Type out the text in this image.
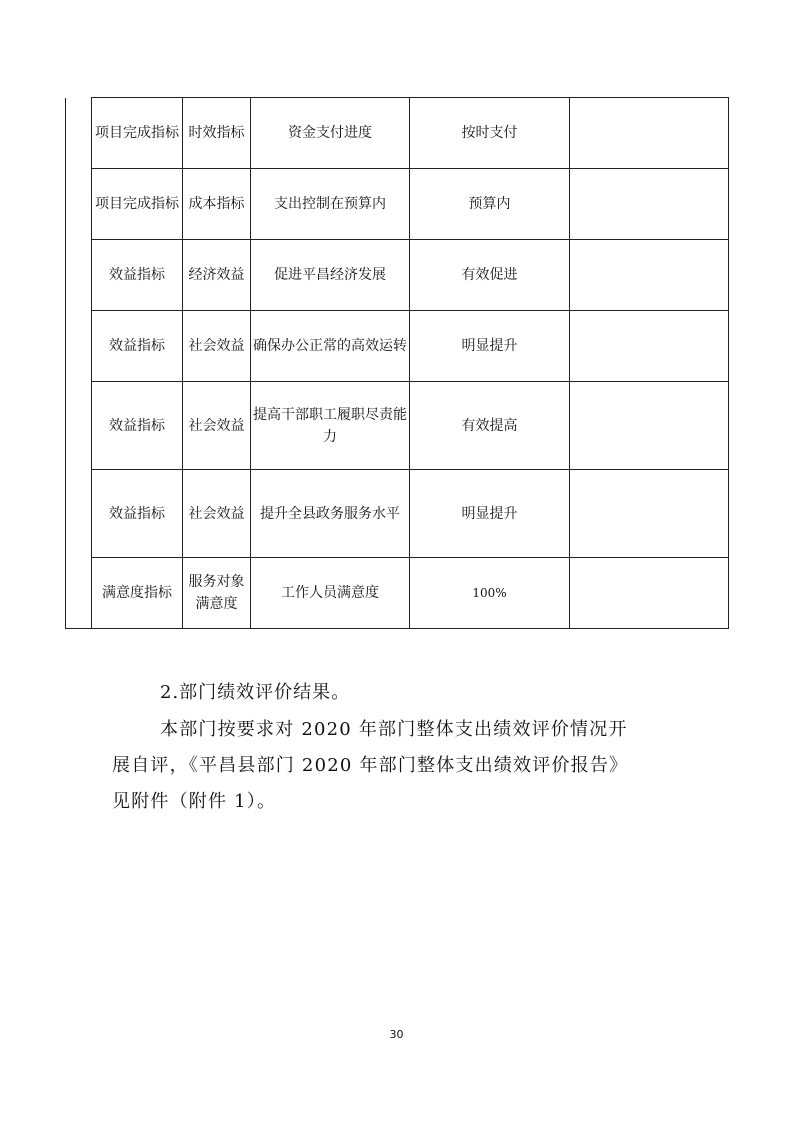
	项目完成指标	时效指标	资金支付进度	按时支付	
	项目完成指标	成本指标	支出控制在预算内	预算内	
	效益指标	经济效益	促进平昌经济发展	有效促进	
	效益指标	社会效益	确保办公正常的高效运转	明显提升	
	效益指标	社会效益	提高干部职工履职尽责能力	有效提高	
	效益指标	社会效益	提升全县政务服务水平	明显提升	
	满意度指标	服务对象满意度	工作人员满意度	100%	
2.部门绩效评价结果。
本部门按要求对 2020 年部门整体支出绩效评价情况开
展自评，《平昌县部门 2020 年部门整体支出绩效评价报告》
见附件（附件 1）。
30
